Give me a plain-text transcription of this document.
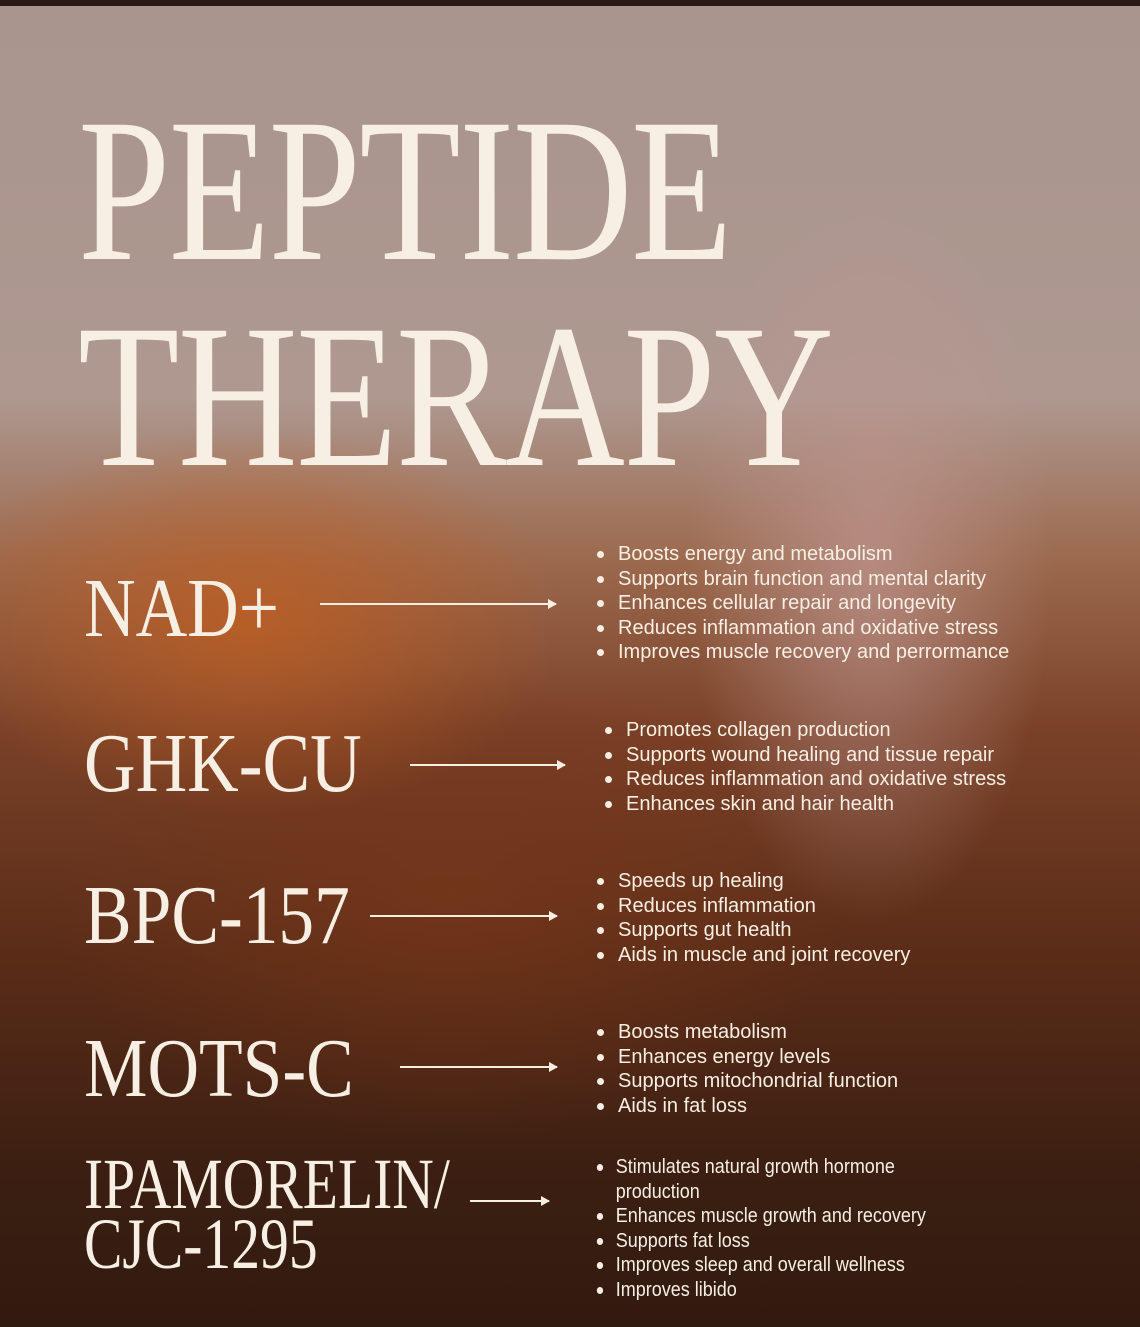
PEPTIDE
THERAPY
NAD+
Boosts energy and metabolism
Supports brain function and mental clarity
Enhances cellular repair and longevity
Reduces inflammation and oxidative stress
Improves muscle recovery and perrormance
GHK-CU	Promotes collagen production
Supports wound healing and tissue repair
Reduces inflammation and oxidative stress
Enhances skin and hair health
BPC-157	Speeds up healing
Reduces inflammation
Supports gut health
Aids in muscle and joint recovery
MOTS-C	Boosts metabolism
Enhances energy levels
Supports mitochondrial function
Aids in fat loss
IPAMORELIN/
CJC-1295
Stimulates natural growth hormone production
Enhances muscle growth and recovery
Supports fat loss
Improves sleep and overall wellness
Improves libido
